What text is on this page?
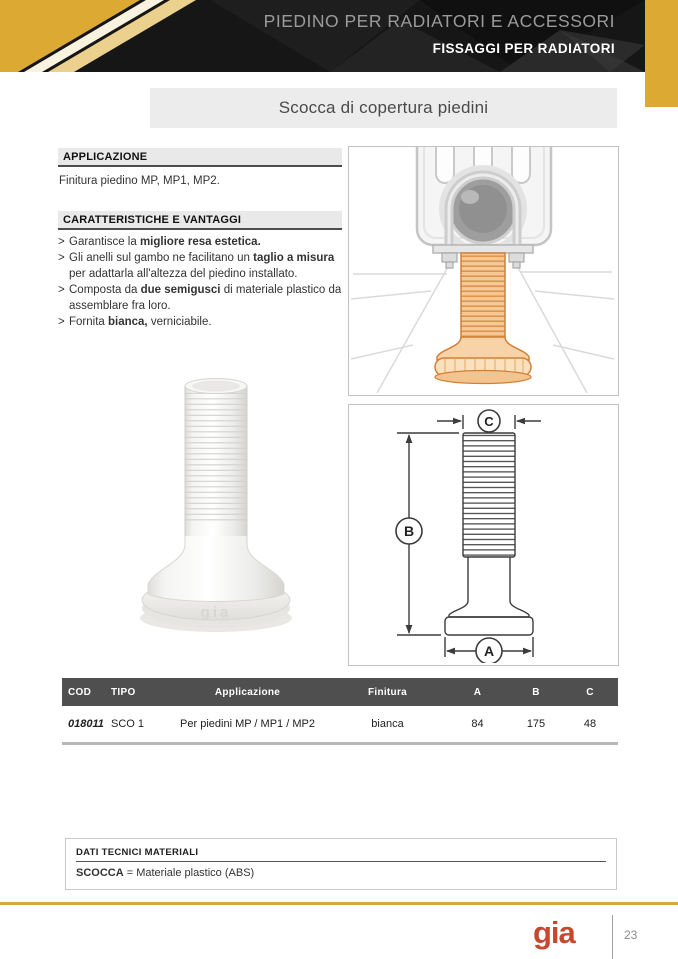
PIEDINO PER RADIATORI E ACCESSORI
FISSAGGI PER RADIATORI
Scocca di copertura piedini
APPLICAZIONE
Finitura piedino MP, MP1, MP2.
CARATTERISTICHE E VANTAGGI
> Garantisce la migliore resa estetica.
> Gli anelli sul gambo ne facilitano un taglio a misura per adattarla all'altezza del piedino installato.
> Composta da due semigusci di materiale plastico da assemblare fra loro.
> Fornita bianca, verniciabile.
gia
C
B
A
COD	TIPO	Applicazione	Finitura	A	B	C
018011	SCO 1	Per piedini MP / MP1 / MP2	bianca	84	175	48
DATI TECNICI MATERIALI
SCOCCA = Materiale plastico (ABS)
gia	23
